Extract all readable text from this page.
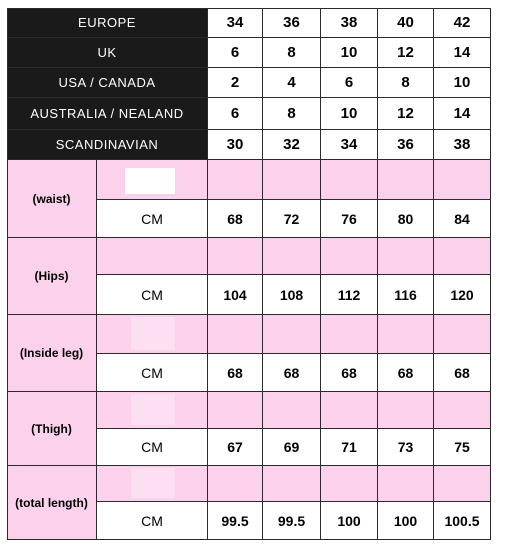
EUROPE	34	36	38	40	42
UK	6	8	10	12	14
USA / CANADA	2	4	6	8	10
AUSTRALIA / NEALAND	6	8	10	12	14
SCANDINAVIAN	30	32	34	36	38
(waist)
CM	68	72	76	80	84
(Hips)
CM	104	108	112	116	120
(Inside leg)
CM	68	68	68	68	68
(Thigh)
CM	67	69	71	73	75
(total length)
CM	99.5	99.5	100	100	100.5
